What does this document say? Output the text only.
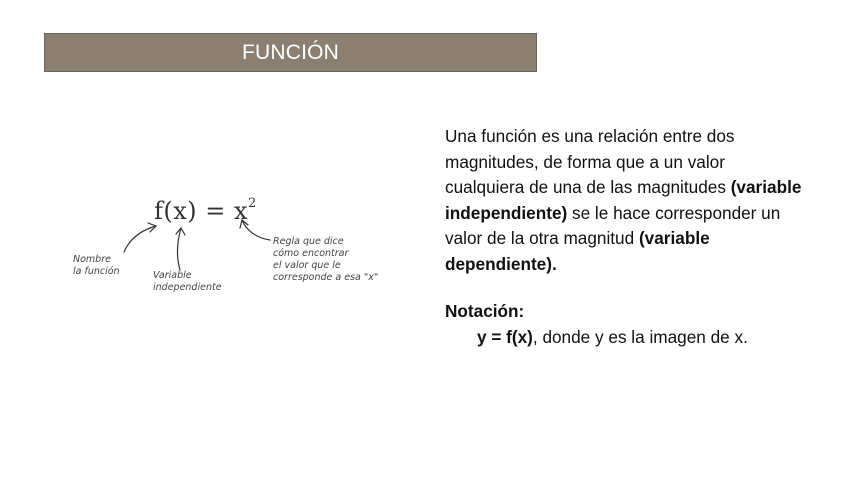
FUNCIÓN
$f(x) = x^2$
Nombre
la función	Variable
independiente
Regla que dice
cómo encontrar
el valor que le
corresponde a esa "x"
Una función es una relación entre dos magnitudes, de forma que a un valor cualquiera de una de las magnitudes (variable independiente) se le hace corresponder un valor de la otra magnitud (variable dependiente).
Notación:
y = f(x), donde y es la imagen de x.
